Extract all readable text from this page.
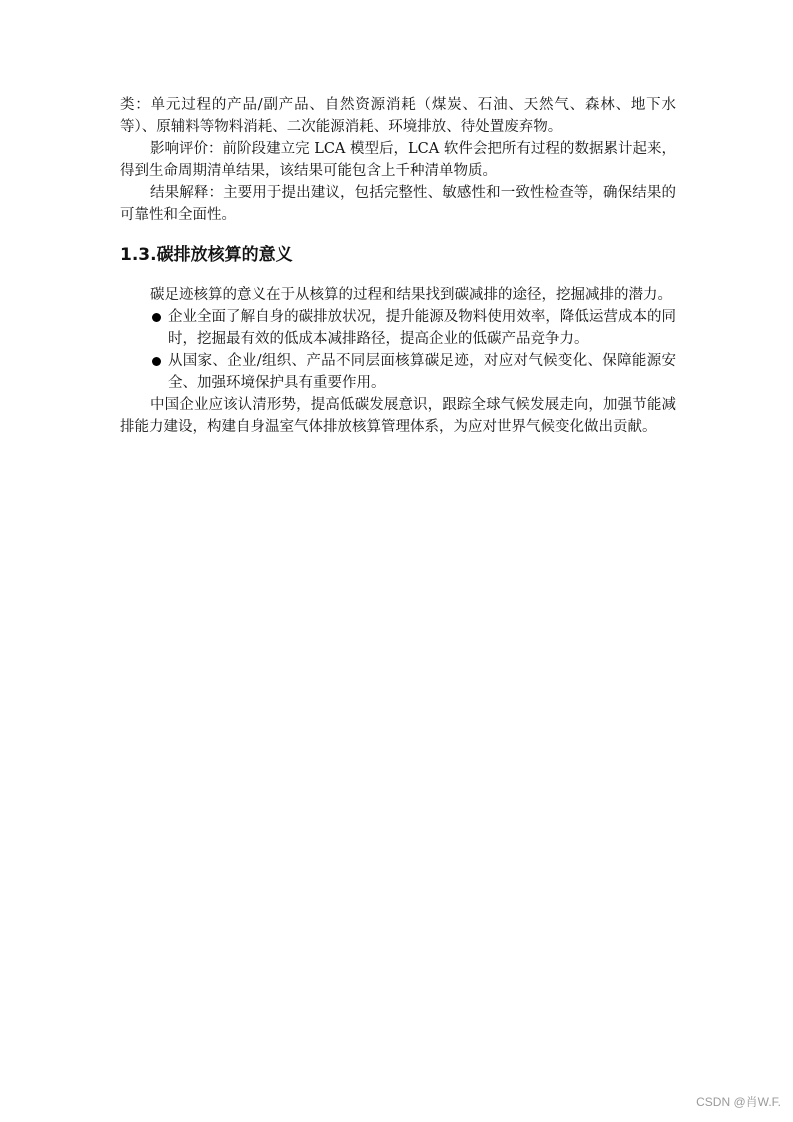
类：单元过程的产品/副产品、自然资源消耗（煤炭、石油、天然气、森林、地下水等）、原辅料等物料消耗、二次能源消耗、环境排放、待处置废弃物。

影响评价：前阶段建立完 LCA 模型后，LCA 软件会把所有过程的数据累计起来，得到生命周期清单结果，该结果可能包含上千种清单物质。

结果解释：主要用于提出建议，包括完整性、敏感性和一致性检查等，确保结果的可靠性和全面性。

1.3.碳排放核算的意义

碳足迹核算的意义在于从核算的过程和结果找到碳减排的途径，挖掘减排的潜力。

企业全面了解自身的碳排放状况，提升能源及物料使用效率，降低运营成本的同时，挖掘最有效的低成本减排路径，提高企业的低碳产品竞争力。
从国家、企业/组织、产品不同层面核算碳足迹，对应对气候变化、保障能源安全、加强环境保护具有重要作用。

中国企业应该认清形势，提高低碳发展意识，跟踪全球气候发展走向，加强节能减排能力建设，构建自身温室气体排放核算管理体系，为应对世界气候变化做出贡献。

CSDN @肖W.F.
